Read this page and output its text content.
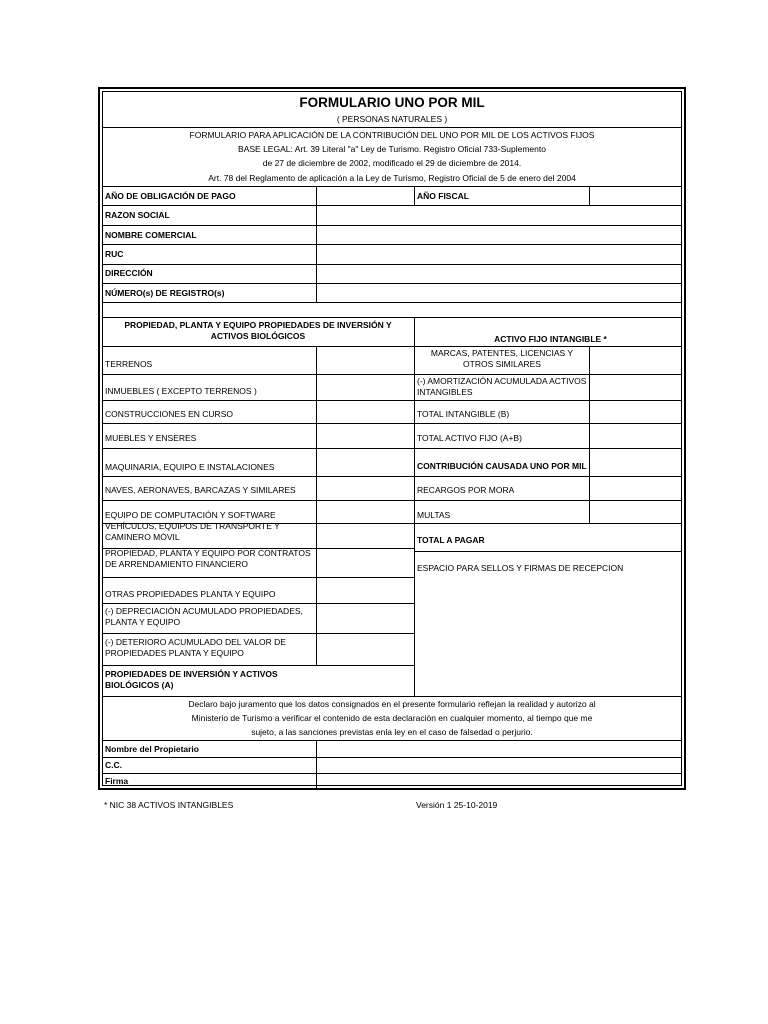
FORMULARIO UNO POR MIL
( PERSONAS NATURALES )
FORMULARIO PARA APLICACIÓN DE LA CONTRIBUCIÓN DEL UNO POR MIL DE LOS ACTIVOS FIJOS
BASE LEGAL: Art. 39 Literal "a" Ley de Turismo. Registro Oficial 733-Suplemento
de 27 de diciembre de 2002, modificado el 29 de diciembre de 2014.
Art. 78 del Reglamento de aplicación a la Ley de Turismo, Registro Oficial de 5 de enero del 2004
AÑO DE OBLIGACIÓN DE PAGO	AÑO FISCAL
RAZON SOCIAL
NOMBRE COMERCIAL
RUC
DIRECCIÓN
NÚMERO(s) DE REGISTRO(s)
PROPIEDAD, PLANTA Y EQUIPO PROPIEDADES DE INVERSIÓN Y ACTIVOS BIOLÓGICOS
TERRENOS
INMUEBLES ( EXCEPTO TERRENOS )
CONSTRUCCIONES EN CURSO
MUEBLES Y ENSERES
MAQUINARIA, EQUIPO E INSTALACIONES
NAVES, AERONAVES, BARCAZAS Y SIMILARES
EQUIPO DE COMPUTACIÓN Y SOFTWARE
VEHÍCULOS, EQUIPOS DE TRANSPORTE Y CAMINERO MÓVIL
PROPIEDAD, PLANTA Y EQUIPO POR CONTRATOS DE ARRENDAMIENTO FINANCIERO
OTRAS PROPIEDADES PLANTA Y EQUIPO
(-) DEPRECIACIÓN ACUMULADO PROPIEDADES, PLANTA Y EQUIPO
(-) DETERIORO ACUMULADO DEL VALOR DE PROPIEDADES PLANTA Y EQUIPO
PROPIEDADES DE INVERSIÓN Y ACTIVOS BIOLÓGICOS (A)
ACTIVO FIJO INTANGIBLE *
MARCAS, PATENTES, LICENCIAS Y OTROS SIMILARES
(-) AMORTIZACIÓN ACUMULADA ACTIVOS INTANGIBLES
TOTAL INTANGIBLE (B)
TOTAL ACTIVO FIJO (A+B)
CONTRIBUCIÓN CAUSADA UNO POR MIL
RECARGOS POR MORA
MULTAS
TOTAL A PAGAR
ESPACIO PARA SELLOS Y FIRMAS DE RECEPCION
Declaro bajo juramento que los datos consignados en el presente formulario reflejan la realidad y autorizo al
Ministerio de Turismo a verificar el contenido de esta declaración en cualquier momento, al tiempo que me
sujeto, a las sanciones previstas enla ley en el caso de falsedad o perjurio.
Nombre del Propietario
C.C.
Firma
* NIC 38 ACTIVOS INTANGIBLES	Versión 1 25-10-2019
